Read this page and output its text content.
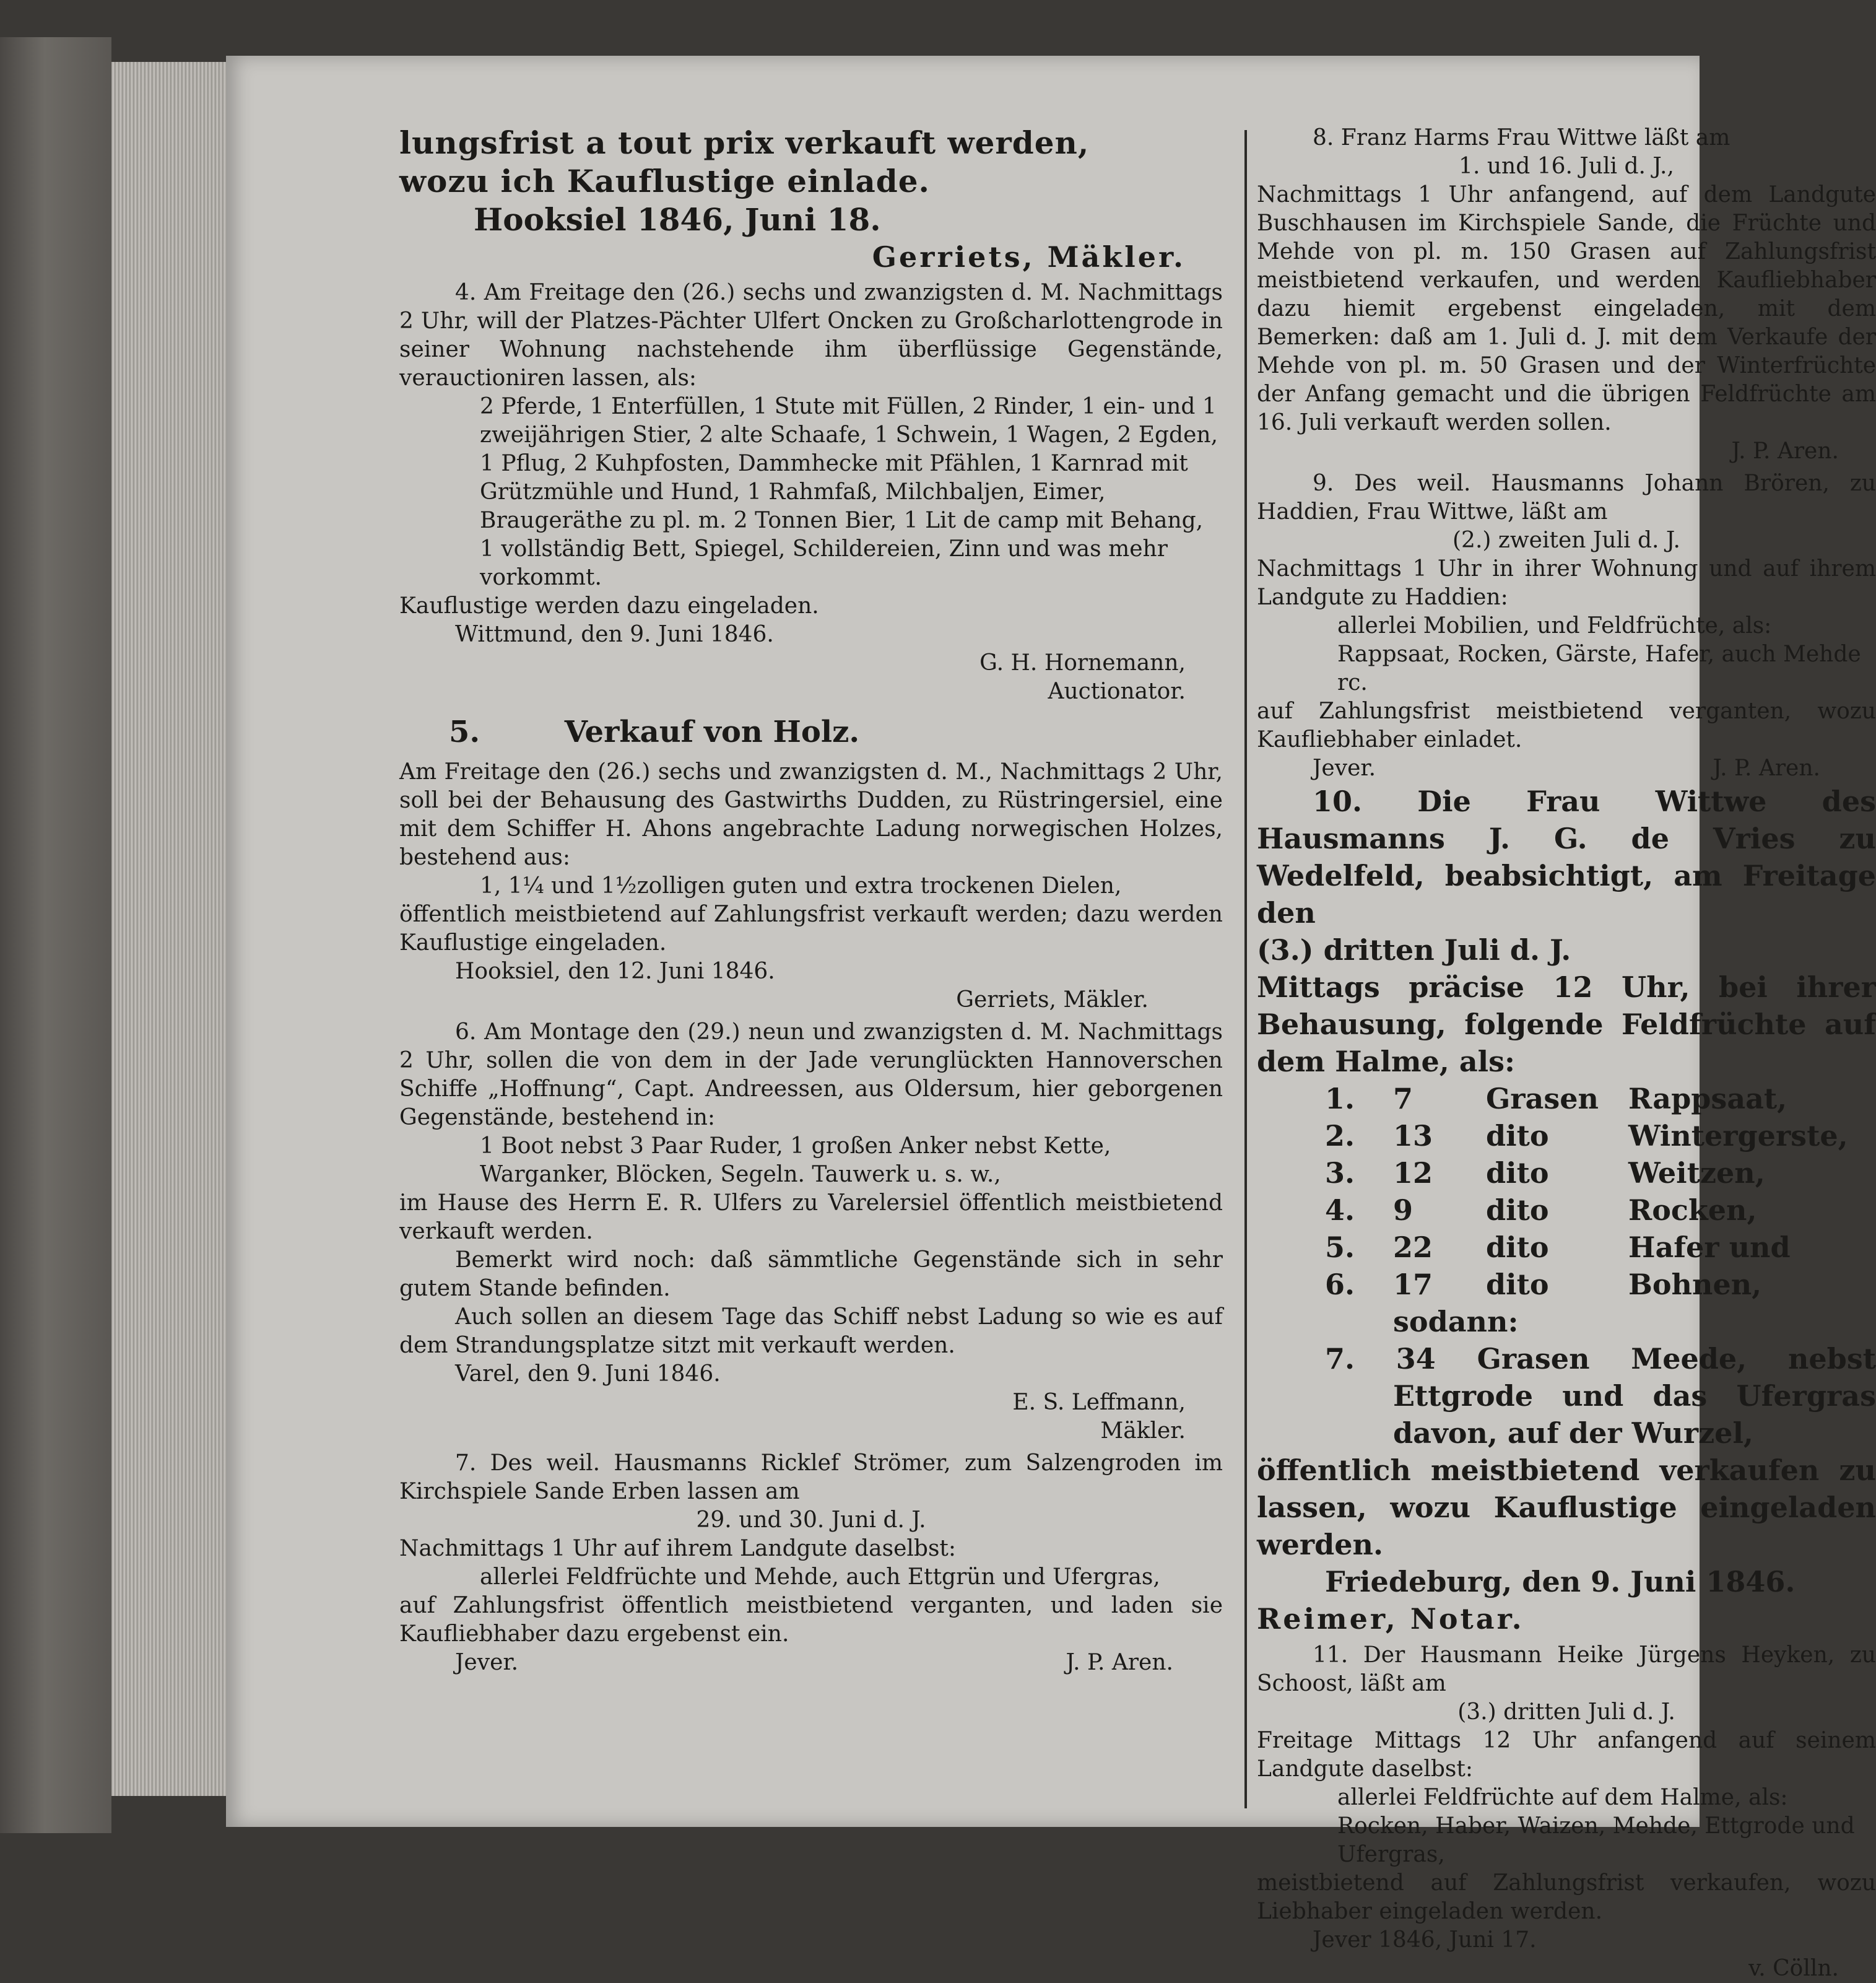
lungsfrist a tout prix verkauft werden,

wozu ich Kauflustige einlade.

Hooksiel 1846, Juni 18.

Gerriets, Mäkler.

4. Am Freitage den (26.) sechs und zwanzigsten d. M. Nachmittags 2 Uhr, will der Platzes-Pächter Ulfert Oncken zu Großcharlottengrode in seiner Wohnung nachstehende ihm überflüssige Gegenstände, verauctioniren lassen, als:

2 Pferde, 1 Enterfüllen, 1 Stute mit Füllen, 2 Rinder, 1 ein- und 1 zweijährigen Stier, 2 alte Schaafe, 1 Schwein, 1 Wagen, 2 Egden, 1 Pflug, 2 Kuhpfosten, Dammhecke mit Pfählen, 1 Karnrad mit Grützmühle und Hund, 1 Rahmfaß, Milchbaljen, Eimer, Braugeräthe zu pl. m. 2 Tonnen Bier, 1 Lit de camp mit Behang, 1 vollständig Bett, Spiegel, Schildereien, Zinn und was mehr vorkommt.

Kauflustige werden dazu eingeladen.

Wittmund, den 9. Juni 1846.

G. H. Hornemann,

Auctionator.

5.	Verkauf von Holz.

Am Freitage den (26.) sechs und zwanzigsten d. M., Nachmittags 2 Uhr, soll bei der Behausung des Gastwirths Dudden, zu Rüstringersiel, eine mit dem Schiffer H. Ahons angebrachte Ladung norwegischen Holzes, bestehend aus:

1, 1¼ und 1½zolligen guten und extra trockenen Dielen,

öffentlich meistbietend auf Zahlungsfrist verkauft werden; dazu werden Kauflustige eingeladen.

Hooksiel, den 12. Juni 1846.

Gerriets, Mäkler.

6. Am Montage den (29.) neun und zwanzigsten d. M. Nachmittags 2 Uhr, sollen die von dem in der Jade verunglückten Hannoverschen Schiffe „Hoffnung“, Capt. Andreessen, aus Oldersum, hier geborgenen Gegenstände, bestehend in:

1 Boot nebst 3 Paar Ruder, 1 großen Anker nebst Kette, Warganker, Blöcken, Segeln. Tauwerk u. s. w.,

im Hause des Herrn E. R. Ulfers zu Varelersiel öffentlich meistbietend verkauft werden.

Bemerkt wird noch: daß sämmtliche Gegenstände sich in sehr gutem Stande befinden.

Auch sollen an diesem Tage das Schiff nebst Ladung so wie es auf dem Strandungsplatze sitzt mit verkauft werden.

Varel, den 9. Juni 1846.

E. S. Leffmann,

Mäkler.

7. Des weil. Hausmanns Ricklef Strömer, zum Salzengroden im Kirchspiele Sande Erben lassen am

29. und 30. Juni d. J.

Nachmittags 1 Uhr auf ihrem Landgute daselbst:

allerlei Feldfrüchte und Mehde, auch Ettgrün und Ufergras,

auf Zahlungsfrist öffentlich meistbietend verganten, und laden sie Kaufliebhaber dazu ergebenst ein.

Jever.	J. P. Aren.

8. Franz Harms Frau Wittwe läßt am

1. und 16. Juli d. J.,

Nachmittags 1 Uhr anfangend, auf dem Landgute Buschhausen im Kirchspiele Sande, die Früchte und Mehde von pl. m. 150 Grasen auf Zahlungsfrist meistbietend verkaufen, und werden Kaufliebhaber dazu hiemit ergebenst eingeladen, mit dem Bemerken: daß am 1. Juli d. J. mit dem Verkaufe der Mehde von pl. m. 50 Grasen und der Winterfrüchte der Anfang gemacht und die übrigen Feldfrüchte am 16. Juli verkauft werden sollen.

J. P. Aren.

9. Des weil. Hausmanns Johann Brören, zu Haddien, Frau Wittwe, läßt am

(2.) zweiten Juli d. J.

Nachmittags 1 Uhr in ihrer Wohnung und auf ihrem Landgute zu Haddien:

allerlei Mobilien, und Feldfrüchte, als: Rappsaat, Rocken, Gärste, Hafer, auch Mehde rc.

auf Zahlungsfrist meistbietend verganten, wozu Kaufliebhaber einladet.

Jever.	J. P. Aren.

10. Die Frau Wittwe des Hausmanns J. G. de Vries zu Wedelfeld, beabsichtigt, am Freitage den

(3.) dritten Juli d. J.

Mittags präcise 12 Uhr, bei ihrer Behausung, folgende Feldfrüchte auf dem Halme, als:

1.	7	Grasen	Rappsaat,
2.	13	dito	Wintergerste,
3.	12	dito	Weitzen,
4.	9	dito	Rocken,
5.	22	dito	Hafer und
6.	17	dito	Bohnen,

sodann:

7. 34 Grasen Meede, nebst Ettgrode und das Ufergras davon, auf der Wurzel,

öffentlich meistbietend verkaufen zu lassen, wozu Kauflustige eingeladen werden.

Friedeburg, den 9. Juni 1846.

Reimer, Notar.

11. Der Hausmann Heike Jürgens Heyken, zu Schoost, läßt am

(3.) dritten Juli d. J.

Freitage Mittags 12 Uhr anfangend auf seinem Landgute daselbst:

allerlei Feldfrüchte auf dem Halme, als: Rocken, Haber, Waizen, Mehde, Ettgrode und Ufergras,

meistbietend auf Zahlungsfrist verkaufen, wozu Liebhaber eingeladen werden.

Jever 1846, Juni 17.

v. Cölln.
